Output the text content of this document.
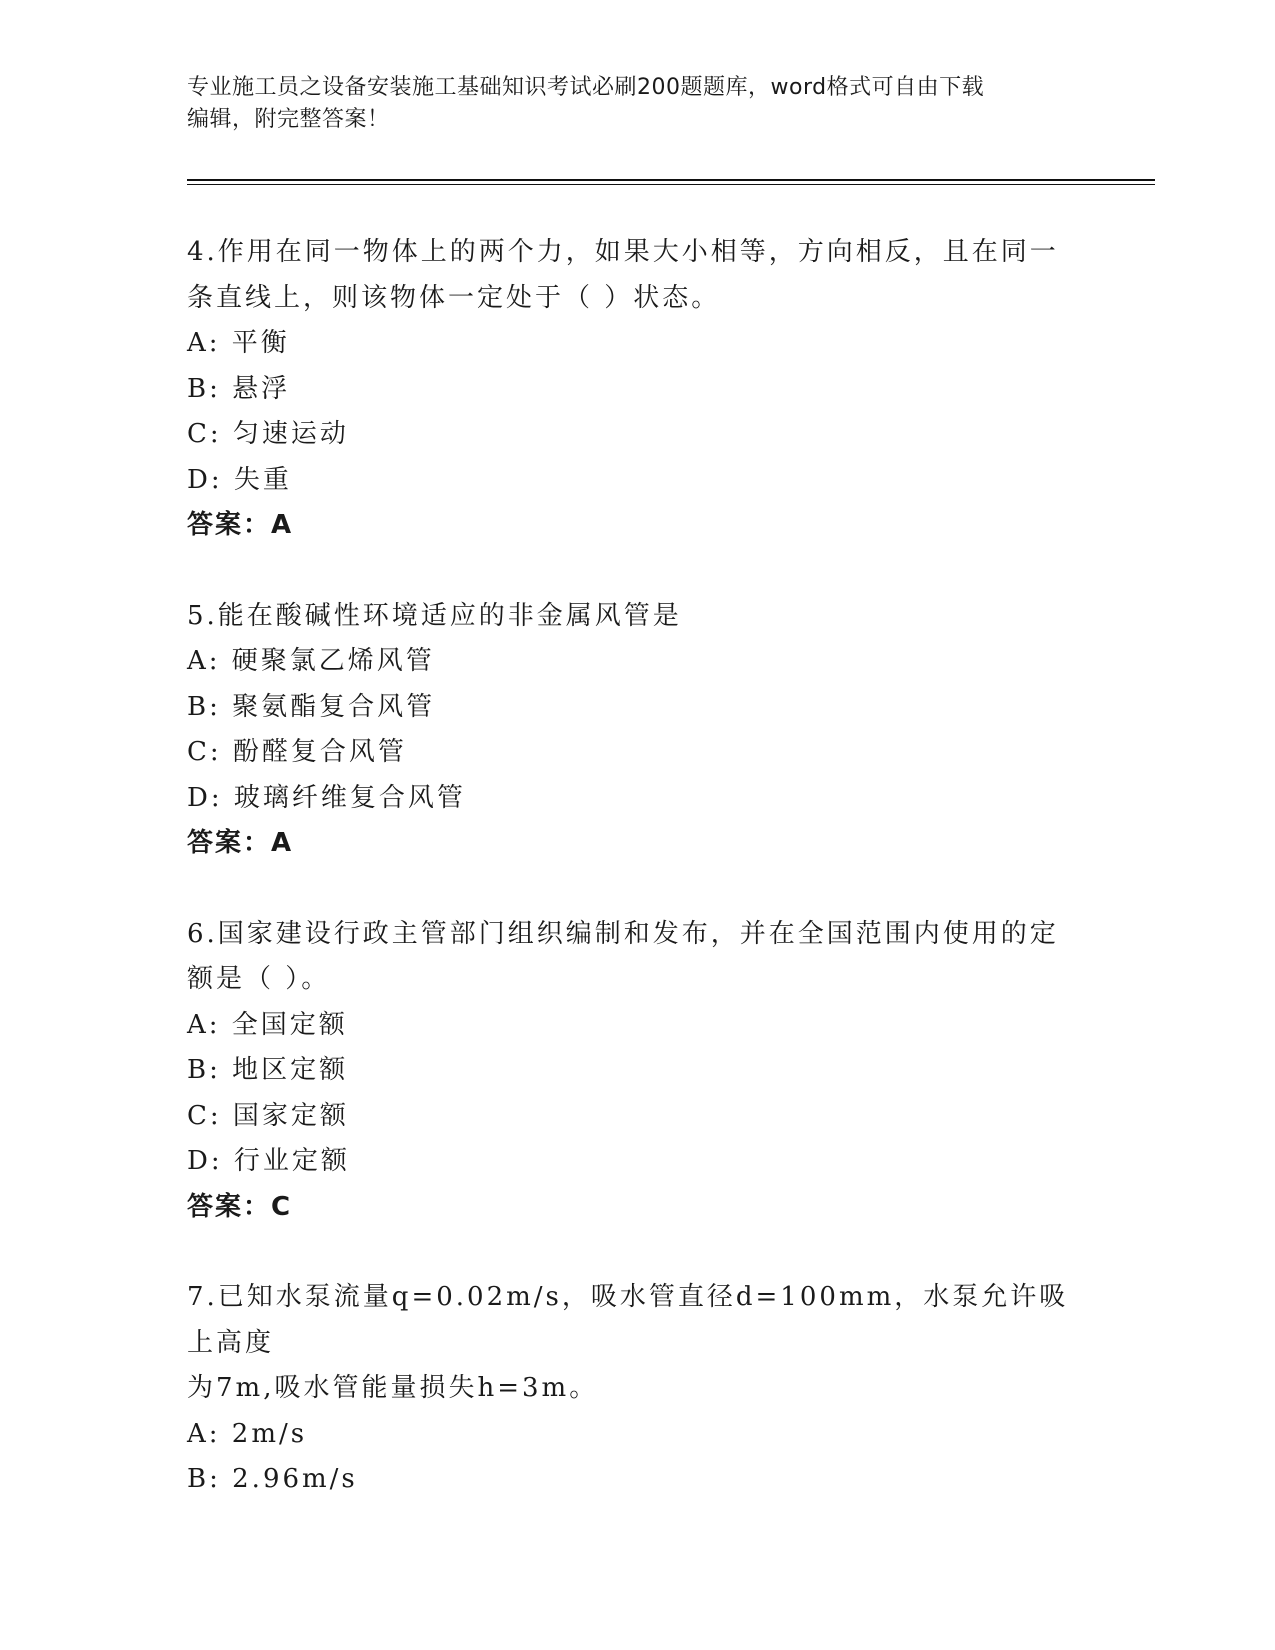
专业施工员之设备安装施工基础知识考试必刷200题题库，word格式可自由下载
编辑，附完整答案！
4.作用在同一物体上的两个力，如果大小相等，方向相反，且在同一
条直线上，则该物体一定处于（ ）状态。
A: 平衡
B: 悬浮
C: 匀速运动
D: 失重
答案：A
5.能在酸碱性环境适应的非金属风管是
A: 硬聚氯乙烯风管
B: 聚氨酯复合风管
C: 酚醛复合风管
D: 玻璃纤维复合风管
答案：A
6.国家建设行政主管部门组织编制和发布，并在全国范围内使用的定
额是（ ）。
A: 全国定额
B: 地区定额
C: 国家定额
D: 行业定额
答案：C
7.已知水泵流量q=0.02m/s，吸水管直径d=100mm，水泵允许吸上高度
为7m,吸水管能量损失h=3m。
A: 2m/s
B: 2.96m/s
